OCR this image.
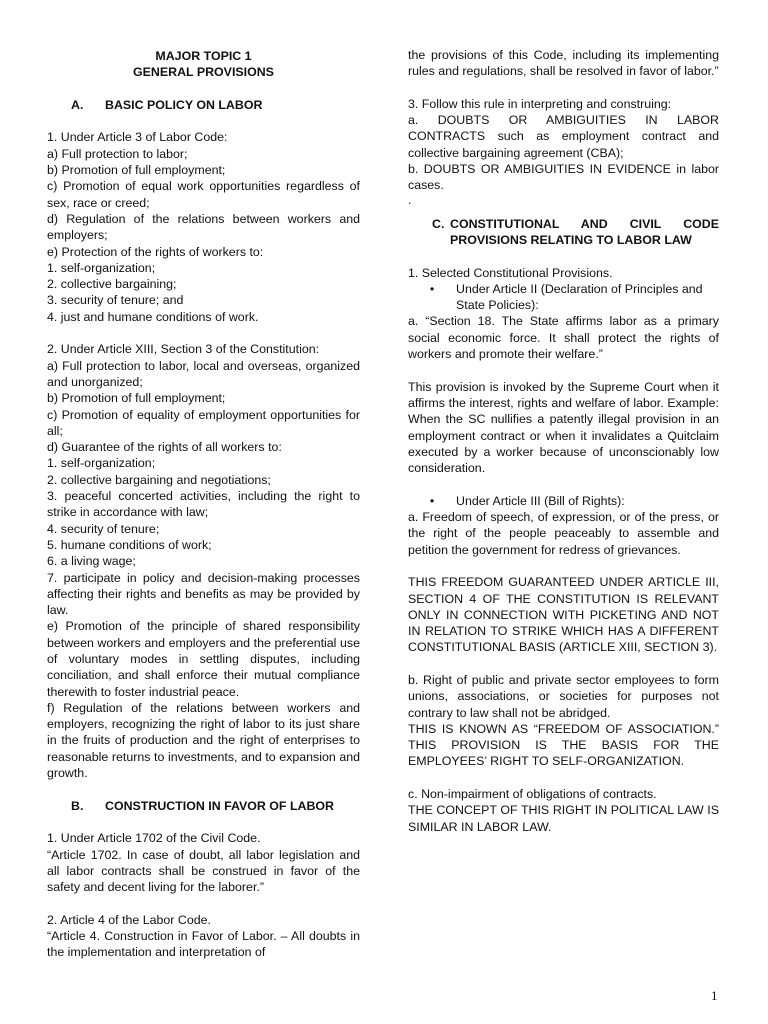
MAJOR TOPIC 1
GENERAL PROVISIONS
A.	BASIC POLICY ON LABOR
1. Under Article 3 of Labor Code:
a) Full protection to labor;
b) Promotion of full employment;
c) Promotion of equal work opportunities regardless of sex, race or creed;
d) Regulation of the relations between workers and employers;
e) Protection of the rights of workers to:
1. self-organization;
2. collective bargaining;
3. security of tenure; and
4. just and humane conditions of work.
2. Under Article XIII, Section 3 of the Constitution:
a) Full protection to labor, local and overseas, organized and unorganized;
b) Promotion of full employment;
c) Promotion of equality of employment opportunities for all;
d) Guarantee of the rights of all workers to:
1. self-organization;
2. collective bargaining and negotiations;
3. peaceful concerted activities, including the right to strike in accordance with law;
4. security of tenure;
5. humane conditions of work;
6. a living wage;
7. participate in policy and decision-making processes affecting their rights and benefits as may be provided by law.
e) Promotion of the principle of shared responsibility between workers and employers and the preferential use of voluntary modes in settling disputes, including conciliation, and shall enforce their mutual compliance therewith to foster industrial peace.
f) Regulation of the relations between workers and employers, recognizing the right of labor to its just share in the fruits of production and the right of enterprises to reasonable returns to investments, and to expansion and growth.
B.	CONSTRUCTION IN FAVOR OF LABOR
1. Under Article 1702 of the Civil Code.
“Article 1702. In case of doubt, all labor legislation and all labor contracts shall be construed in favor of the safety and decent living for the laborer.”
2. Article 4 of the Labor Code.
“Article 4. Construction in Favor of Labor. – All doubts in the implementation and interpretation of
the provisions of this Code, including its implementing rules and regulations, shall be resolved in favor of labor.”
3. Follow this rule in interpreting and construing:
a. DOUBTS OR AMBIGUITIES IN LABOR CONTRACTS such as employment contract and collective bargaining agreement (CBA);
b. DOUBTS OR AMBIGUITIES IN EVIDENCE in labor cases.
.
C. CONSTITUTIONAL AND CIVIL CODE PROVISIONS RELATING TO LABOR LAW
1. Selected Constitutional Provisions.
•	Under Article II (Declaration of Principles and State Policies):
a. “Section 18. The State affirms labor as a primary social economic force. It shall protect the rights of workers and promote their welfare.”
This provision is invoked by the Supreme Court when it affirms the interest, rights and welfare of labor. Example: When the SC nullifies a patently illegal provision in an employment contract or when it invalidates a Quitclaim executed by a worker because of unconscionably low consideration.
•	Under Article III (Bill of Rights):
a. Freedom of speech, of expression, or of the press, or the right of the people peaceably to assemble and petition the government for redress of grievances.
THIS FREEDOM GUARANTEED UNDER ARTICLE III, SECTION 4 OF THE CONSTITUTION IS RELEVANT ONLY IN CONNECTION WITH PICKETING AND NOT IN RELATION TO STRIKE WHICH HAS A DIFFERENT CONSTITUTIONAL BASIS (ARTICLE XIII, SECTION 3).
b. Right of public and private sector employees to form unions, associations, or societies for purposes not contrary to law shall not be abridged.
THIS IS KNOWN AS “FREEDOM OF ASSOCIATION.” THIS PROVISION IS THE BASIS FOR THE EMPLOYEES’ RIGHT TO SELF-ORGANIZATION.
c. Non-impairment of obligations of contracts.
THE CONCEPT OF THIS RIGHT IN POLITICAL LAW IS SIMILAR IN LABOR LAW.
1
